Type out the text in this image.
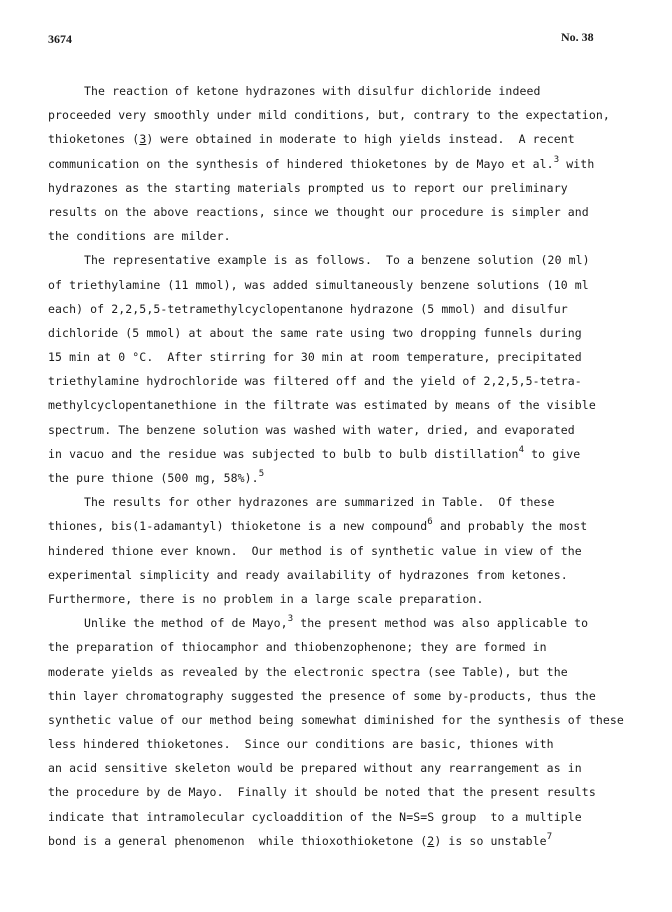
3674	No. 38
The reaction of ketone hydrazones with disulfur dichloride indeed
proceeded very smoothly under mild conditions, but, contrary to the expectation,
thioketones (3) were obtained in moderate to high yields instead.  A recent
communication on the synthesis of hindered thioketones by de Mayo et al.$^3$ with
hydrazones as the starting materials prompted us to report our preliminary
results on the above reactions, since we thought our procedure is simpler and
the conditions are milder.
The representative example is as follows.  To a benzene solution (20 ml)
of triethylamine (11 mmol), was added simultaneously benzene solutions (10 ml
each) of 2,2,5,5-tetramethylcyclopentanone hydrazone (5 mmol) and disulfur
dichloride (5 mmol) at about the same rate using two dropping funnels during
15 min at 0 °C.  After stirring for 30 min at room temperature, precipitated
triethylamine hydrochloride was filtered off and the yield of 2,2,5,5-tetra-
methylcyclopentanethione in the filtrate was estimated by means of the visible
spectrum. The benzene solution was washed with water, dried, and evaporated
in vacuo and the residue was subjected to bulb to bulb distillation$^4$ to give
the pure thione (500 mg, 58%).$^5$
The results for other hydrazones are summarized in Table.  Of these
thiones, bis(1-adamantyl) thioketone is a new compound$^6$ and probably the most
hindered thione ever known.  Our method is of synthetic value in view of the
experimental simplicity and ready availability of hydrazones from ketones.
Furthermore, there is no problem in a large scale preparation.
Unlike the method of de Mayo,$^3$ the present method was also applicable to
the preparation of thiocamphor and thiobenzophenone; they are formed in
moderate yields as revealed by the electronic spectra (see Table), but the
thin layer chromatography suggested the presence of some by-products, thus the
synthetic value of our method being somewhat diminished for the synthesis of these
less hindered thioketones.  Since our conditions are basic, thiones with
an acid sensitive skeleton would be prepared without any rearrangement as in
the procedure by de Mayo.  Finally it should be noted that the present results
indicate that intramolecular cycloaddition of the N=S=S group  to a multiple
bond is a general phenomenon  while thioxothioketone (2) is so unstable$^7$
